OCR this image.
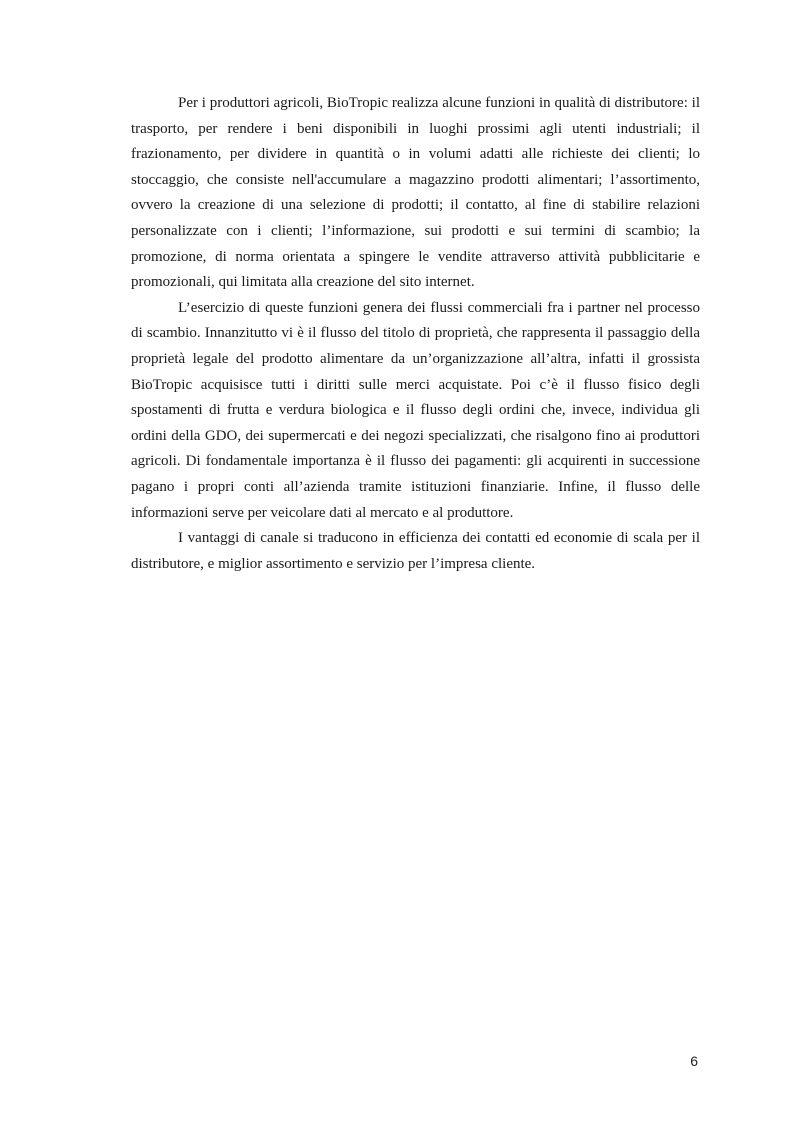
Per i produttori agricoli, BioTropic realizza alcune funzioni in qualità di distributore: il trasporto, per rendere i beni disponibili in luoghi prossimi agli utenti industriali; il frazionamento, per dividere in quantità o in volumi adatti alle richieste dei clienti; lo stoccaggio, che consiste nell'accumulare a magazzino prodotti alimentari; l’assortimento, ovvero la creazione di una selezione di prodotti; il contatto, al fine di stabilire relazioni personalizzate con i clienti; l’informazione, sui prodotti e sui termini di scambio; la promozione, di norma orientata a spingere le vendite attraverso attività pubblicitarie e promozionali, qui limitata alla creazione del sito internet.

L’esercizio di queste funzioni genera dei flussi commerciali fra i partner nel processo di scambio. Innanzitutto vi è il flusso del titolo di proprietà, che rappresenta il passaggio della proprietà legale del prodotto alimentare da un’organizzazione all’altra, infatti il grossista BioTropic acquisisce tutti i diritti sulle merci acquistate. Poi c’è il flusso fisico degli spostamenti di frutta e verdura biologica e il flusso degli ordini che, invece, individua gli ordini della GDO, dei supermercati e dei negozi specializzati, che risalgono fino ai produttori agricoli. Di fondamentale importanza è il flusso dei pagamenti: gli acquirenti in successione pagano i propri conti all’azienda tramite istituzioni finanziarie. Infine, il flusso delle informazioni serve per veicolare dati al mercato e al produttore.

I vantaggi di canale si traducono in efficienza dei contatti ed economie di scala per il distributore, e miglior assortimento e servizio per l’impresa cliente.

6
